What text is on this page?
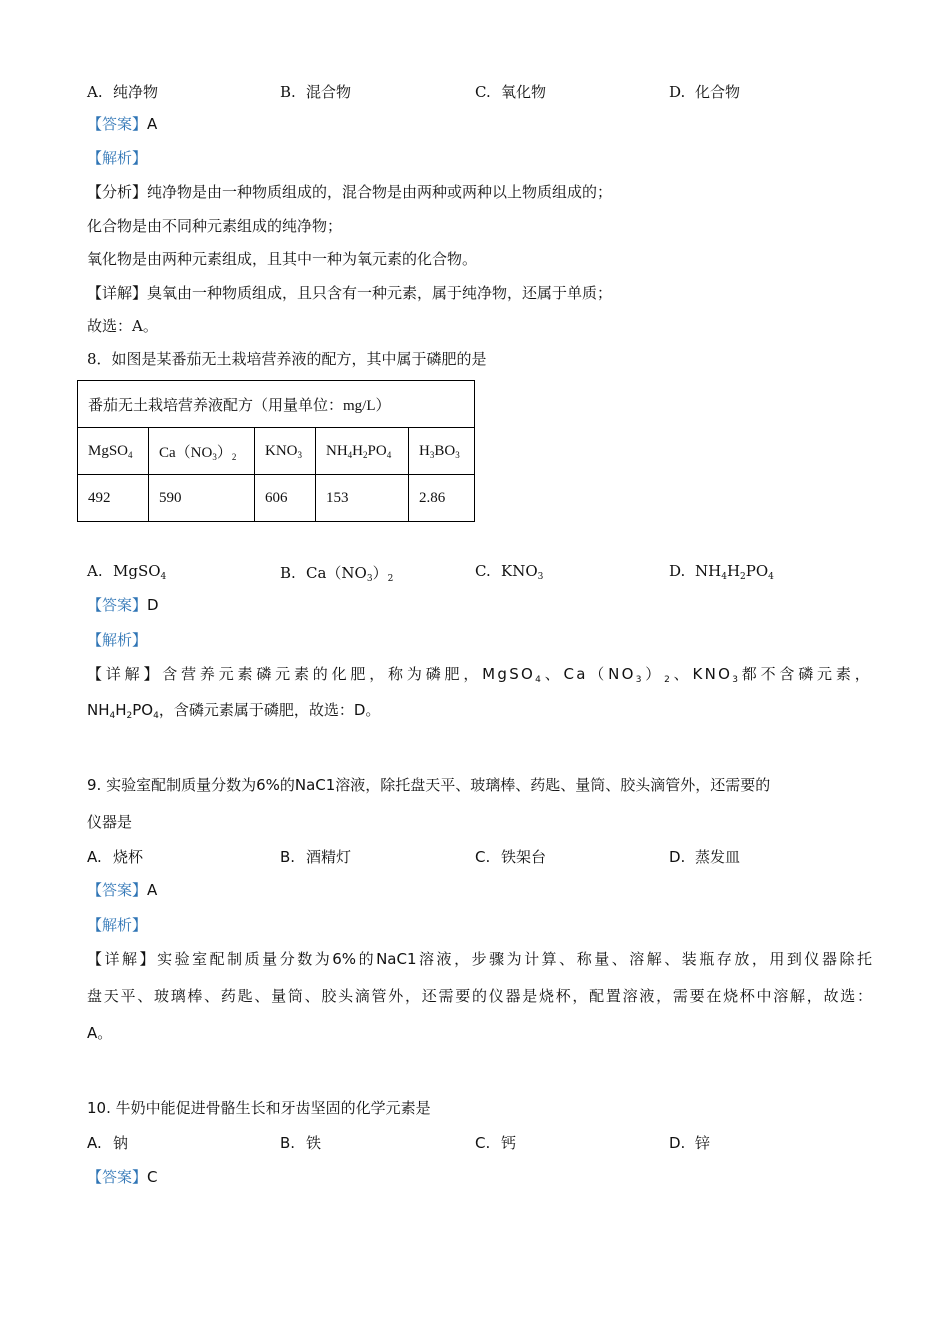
A. 纯净物	B. 混合物	C. 氧化物	D. 化合物
【答案】A
【解析】
【分析】纯净物是由一种物质组成的，混合物是由两种或两种以上物质组成的；
化合物是由不同种元素组成的纯净物；
氧化物是由两种元素组成，且其中一种为氧元素的化合物。
【详解】臭氧由一种物质组成，且只含有一种元素，属于纯净物，还属于单质；
故选：A。
8．如图是某番茄无土栽培营养液的配方，其中属于磷肥的是
番茄无土栽培营养液配方（用量单位：mg/L）				
MgSO$_4$	$Ca(NO_3)_2$	$KNO_3$	$NH_4H_2PO_4$	$H_3BO_3$
492	590	606	153	2.86
A. MgSO$_4$	B. $Ca(NO_3)_2$	C. $KNO_3$	D. $NH_4H_2PO_4$
【答案】D
【解析】
【详解】含营养元素磷元素的化肥，称为磷肥，MgSO$_4$、$Ca(NO_3)_2$、$KNO_3$都不含磷元素，
$NH_4H_2PO_4$，含磷元素属于磷肥，故选：D。
9. 实验室配制质量分数为6%的NaC1溶液，除托盘天平、玻璃棒、药匙、量筒、胶头滴管外，还需要的
仪器是
A. 烧杯	B. 酒精灯	C. 铁架台	D. 蒸发皿
【答案】A
【解析】
【详解】实验室配制质量分数为6%的NaC1溶液，步骤为计算、称量、溶解、装瓶存放，用到仪器除托
盘天平、玻璃棒、药匙、量筒、胶头滴管外，还需要的仪器是烧杯，配置溶液，需要在烧杯中溶解，故选：
A。
10. 牛奶中能促进骨骼生长和牙齿坚固的化学元素是
A. 钠	B. 铁	C. 钙	D. 锌
【答案】C
